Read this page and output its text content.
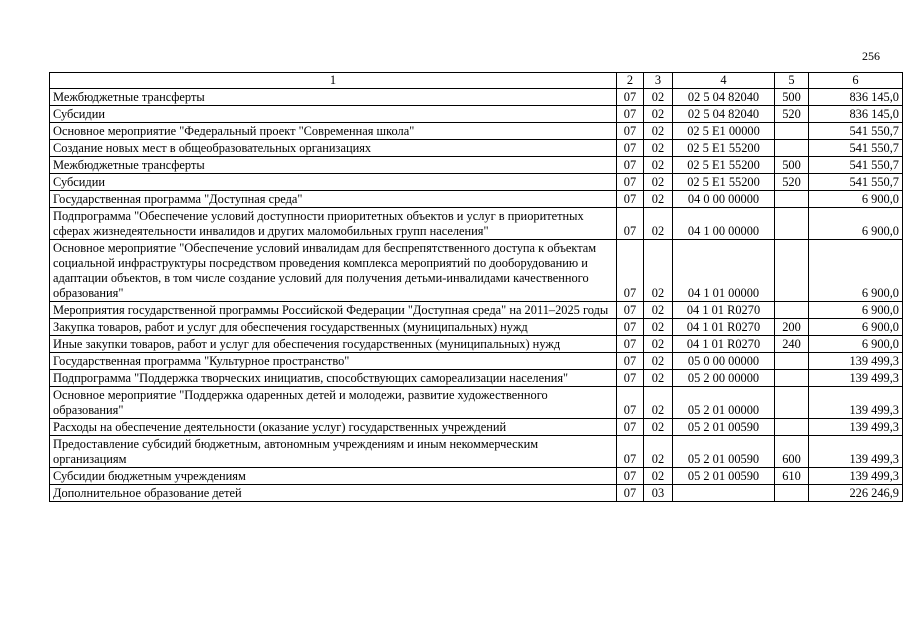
256
1	2	3	4	5	6
Межбюджетные трансферты	07	02	02 5 04 82040	500	836 145,0
Субсидии	07	02	02 5 04 82040	520	836 145,0
Основное мероприятие "Федеральный проект "Современная школа"	07	02	02 5 E1 00000		541 550,7
Создание новых мест в общеобразовательных организациях	07	02	02 5 E1 55200		541 550,7
Межбюджетные трансферты	07	02	02 5 E1 55200	500	541 550,7
Субсидии	07	02	02 5 E1 55200	520	541 550,7
Государственная программа "Доступная среда"	07	02	04 0 00 00000		6 900,0
Подпрограмма "Обеспечение условий доступности приоритетных объектов и услуг в приоритетных сферах жизнедеятельности инвалидов и других маломобильных групп населения"	07	02	04 1 00 00000		6 900,0
Основное мероприятие "Обеспечение условий инвалидам для беспрепятственного доступа к объектам социальной инфраструктуры посредством проведения комплекса мероприятий по дооборудованию и адаптации объектов, в том числе создание условий для получения детьми-инвалидами качественного образования"	07	02	04 1 01 00000		6 900,0
Мероприятия государственной программы Российской Федерации "Доступная среда" на 2011–2025 годы	07	02	04 1 01 R0270		6 900,0
Закупка товаров, работ и услуг для обеспечения государственных (муниципальных) нужд	07	02	04 1 01 R0270	200	6 900,0
Иные закупки товаров, работ и услуг для обеспечения государственных (муниципальных) нужд	07	02	04 1 01 R0270	240	6 900,0
Государственная программа "Культурное пространство"	07	02	05 0 00 00000		139 499,3
Подпрограмма "Поддержка творческих инициатив, способствующих самореализации населения"	07	02	05 2 00 00000		139 499,3
Основное мероприятие "Поддержка одаренных детей и молодежи, развитие художественного образования"	07	02	05 2 01 00000		139 499,3
Расходы на обеспечение деятельности (оказание услуг) государственных учреждений	07	02	05 2 01 00590		139 499,3
Предоставление субсидий бюджетным, автономным учреждениям и иным некоммерческим организациям	07	02	05 2 01 00590	600	139 499,3
Субсидии бюджетным учреждениям	07	02	05 2 01 00590	610	139 499,3
Дополнительное образование детей	07	03			226 246,9
